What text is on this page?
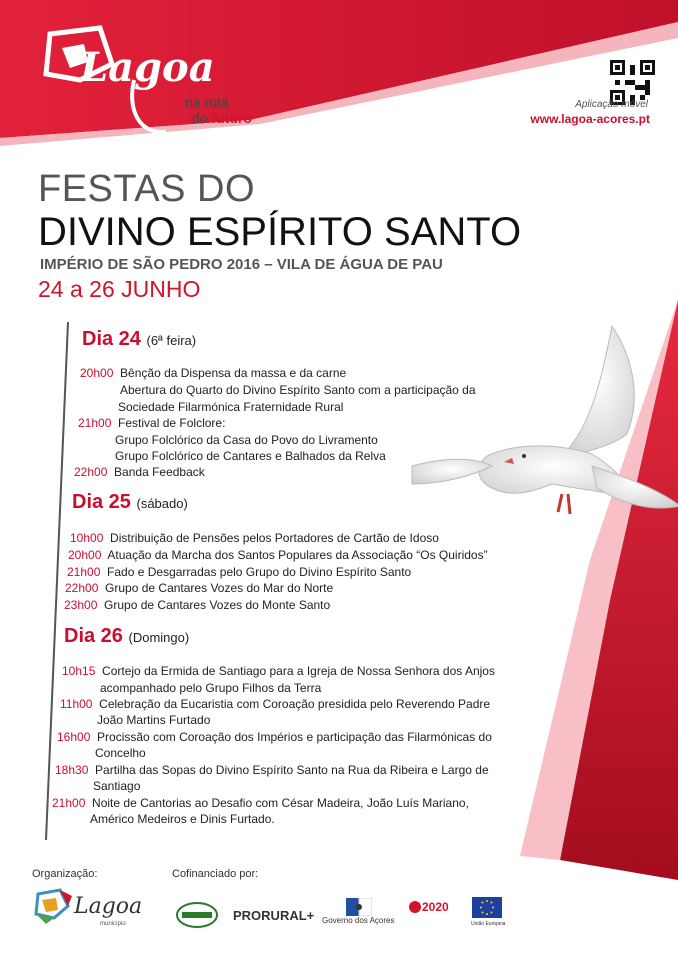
Lagoa
na rota
do futuro
Aplicação móvel
www.lagoa-acores.pt
FESTAS DO
DIVINO ESPÍRITO SANTO
IMPÉRIO DE SÃO PEDRO 2016 – VILA DE ÁGUA DE PAU
24 a 26 JUNHO
Dia 24 (6ª feira)
20h00 Bênção da Dispensa da massa e da carne
Abertura do Quarto do Divino Espírito Santo com a participação da
Sociedade Filarmónica Fraternidade Rural
21h00 Festival de Folclore:
Grupo Folclórico da Casa do Povo do Livramento
Grupo Folclórico de Cantares e Balhados da Relva
22h00 Banda Feedback
Dia 25 (sábado)
10h00 Distribuição de Pensões pelos Portadores de Cartão de Idoso
20h00 Atuação da Marcha dos Santos Populares da Associação “Os Quiridos”
21h00 Fado e Desgarradas pelo Grupo do Divino Espírito Santo
22h00 Grupo de Cantares Vozes do Mar do Norte
23h00 Grupo de Cantares Vozes do Monte Santo
Dia 26 (Domingo)
10h15 Cortejo da Ermida de Santiago para a Igreja de Nossa Senhora dos Anjos
acompanhado pelo Grupo Filhos da Terra
11h00 Celebração da Eucaristia com Coroação presidida pelo Reverendo Padre
João Martins Furtado
16h00 Procissão com Coroação dos Impérios e participação das Filarmónicas do
Concelho
18h30 Partilha das Sopas do Divino Espírito Santo na Rua da Ribeira e Largo de
Santiago
21h00 Noite de Cantorias ao Desafio com César Madeira, João Luís Mariano,
Américo Medeiros e Dinis Furtado.
Organização:	Cofinanciado por:
Lagoa
município
PRORURAL+ Governo dos Açores
2020
União Europeia
